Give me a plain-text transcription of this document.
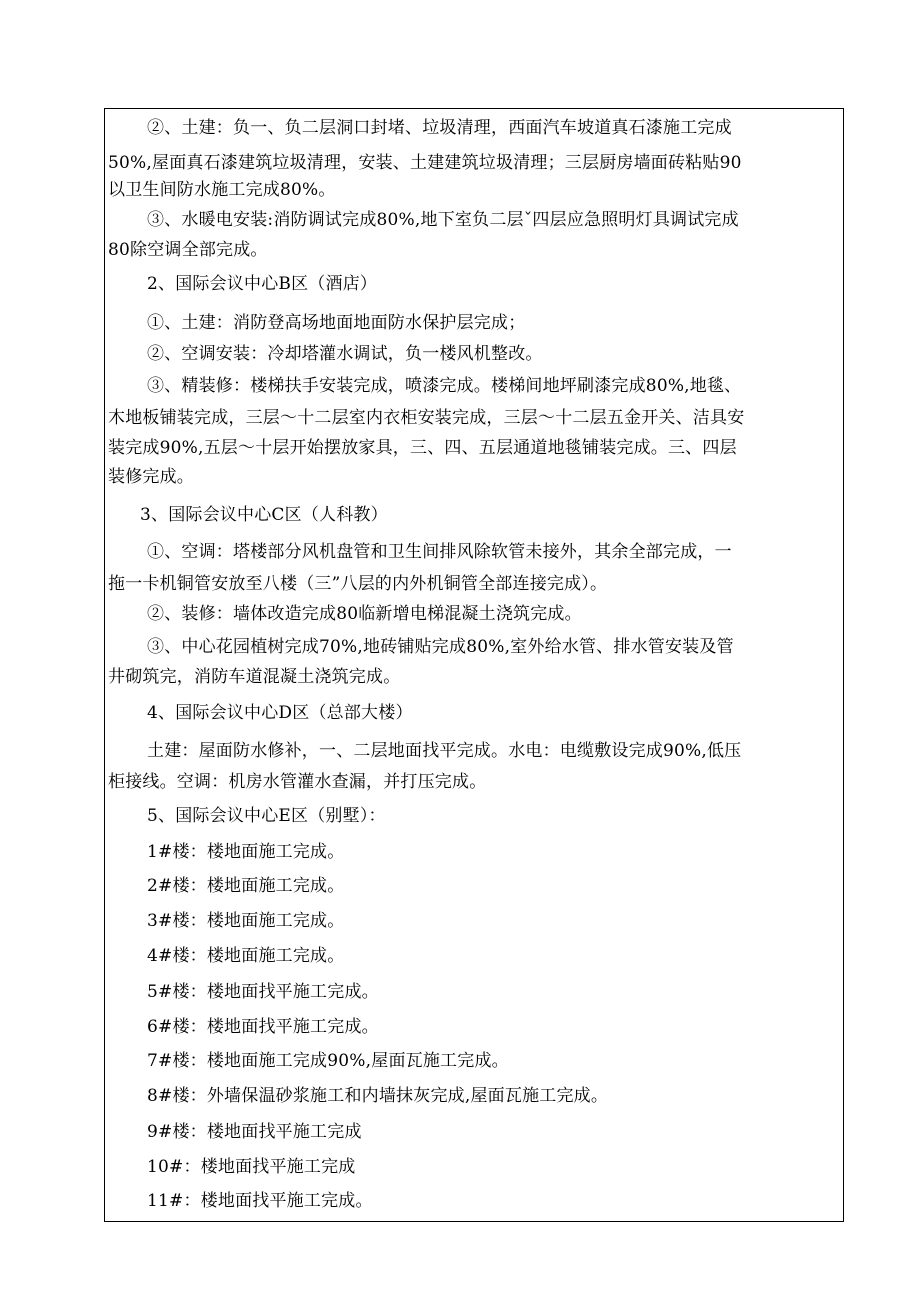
②、土建：负一、负二层洞口封堵、垃圾清理，西面汽车坡道真石漆施工完成
50%,屋面真石漆建筑垃圾清理，安装、土建建筑垃圾清理；三层厨房墙面砖粘贴90
以卫生间防水施工完成80%。
③、水暖电安装:消防调试完成80%,地下室负二层ˇ四层应急照明灯具调试完成
80除空调全部完成。
2、国际会议中心B区（酒店）
①、土建：消防登高场地面地面防水保护层完成；
②、空调安装：冷却塔灌水调试，负一楼风机整改。
③、精装修：楼梯扶手安装完成，喷漆完成。楼梯间地坪刷漆完成80%,地毯、
木地板铺装完成，三层～十二层室内衣柜安装完成，三层～十二层五金开关、洁具安
装完成90%,五层～十层开始摆放家具，三、四、五层通道地毯铺装完成。三、四层
装修完成。
3、国际会议中心C区（人科教）
①、空调：塔楼部分风机盘管和卫生间排风除软管未接外，其余全部完成，一
拖一卡机铜管安放至八楼（三”八层的内外机铜管全部连接完成）。
②、装修：墙体改造完成80临新增电梯混凝土浇筑完成。
③、中心花园植树完成70%,地砖铺贴完成80%,室外给水管、排水管安装及管
井砌筑完，消防车道混凝土浇筑完成。
4、国际会议中心D区（总部大楼）
土建：屋面防水修补，一、二层地面找平完成。水电：电缆敷设完成90%,低压
柜接线。空调：机房水管灌水查漏，并打压完成。
5、国际会议中心E区（别墅）：
1#楼：楼地面施工完成。
2#楼：楼地面施工完成。
3#楼：楼地面施工完成。
4#楼：楼地面施工完成。
5#楼：楼地面找平施工完成。
6#楼：楼地面找平施工完成。
7#楼：楼地面施工完成90%,屋面瓦施工完成。
8#楼：外墙保温砂浆施工和内墙抹灰完成,屋面瓦施工完成。
9#楼：楼地面找平施工完成
10#：楼地面找平施工完成
11#：楼地面找平施工完成。
